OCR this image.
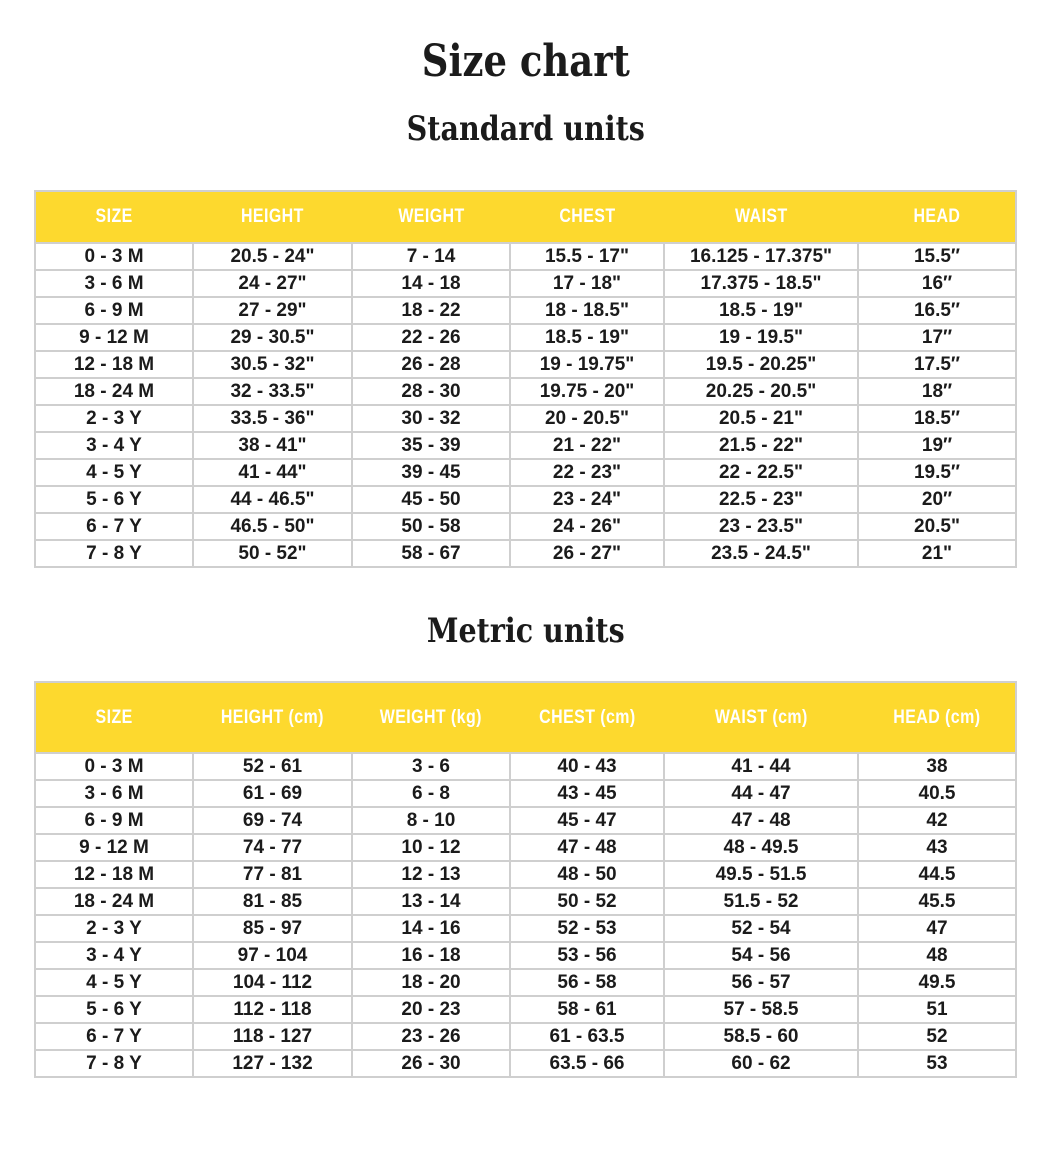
Size chart
Standard units
SIZE	HEIGHT	WEIGHT	CHEST	WAIST	HEAD
0 - 3 M	20.5 - 24"	7 - 14	15.5 - 17"	16.125 - 17.375"	15.5″
3 - 6 M	24 - 27"	14 - 18	17 - 18"	17.375 - 18.5"	16″
6 - 9 M	27 - 29"	18 - 22	18 - 18.5"	18.5 - 19"	16.5″
9 - 12 M	29 - 30.5"	22 - 26	18.5 - 19"	19 - 19.5"	17″
12 - 18 M	30.5 - 32"	26 - 28	19 - 19.75"	19.5 - 20.25"	17.5″
18 - 24 M	32 - 33.5"	28 - 30	19.75 - 20"	20.25 - 20.5"	18″
2 - 3 Y	33.5 - 36"	30 - 32	20 - 20.5"	20.5 - 21"	18.5″
3 - 4 Y	38 - 41"	35 - 39	21 - 22"	21.5 - 22"	19″
4 - 5 Y	41 - 44"	39 - 45	22 - 23"	22 - 22.5"	19.5″
5 - 6 Y	44 - 46.5"	45 - 50	23 - 24"	22.5 - 23"	20″
6 - 7 Y	46.5 - 50"	50 - 58	24 - 26"	23 - 23.5"	20.5"
7 - 8 Y	50 - 52"	58 - 67	26 - 27"	23.5 - 24.5"	21"
Metric units
SIZE	HEIGHT (cm)	WEIGHT (kg)	CHEST (cm)	WAIST (cm)	HEAD (cm)
0 - 3 M	52 - 61	3 - 6	40 - 43	41 - 44	38
3 - 6 M	61 - 69	6 - 8	43 - 45	44 - 47	40.5
6 - 9 M	69 - 74	8 - 10	45 - 47	47 - 48	42
9 - 12 M	74 - 77	10 - 12	47 - 48	48 - 49.5	43
12 - 18 M	77 - 81	12 - 13	48 - 50	49.5 - 51.5	44.5
18 - 24 M	81 - 85	13 - 14	50 - 52	51.5 - 52	45.5
2 - 3 Y	85 - 97	14 - 16	52 - 53	52 - 54	47
3 - 4 Y	97 - 104	16 - 18	53 - 56	54 - 56	48
4 - 5 Y	104 - 112	18 - 20	56 - 58	56 - 57	49.5
5 - 6 Y	112 - 118	20 - 23	58 - 61	57 - 58.5	51
6 - 7 Y	118 - 127	23 - 26	61 - 63.5	58.5 - 60	52
7 - 8 Y	127 - 132	26 - 30	63.5 - 66	60 - 62	53
